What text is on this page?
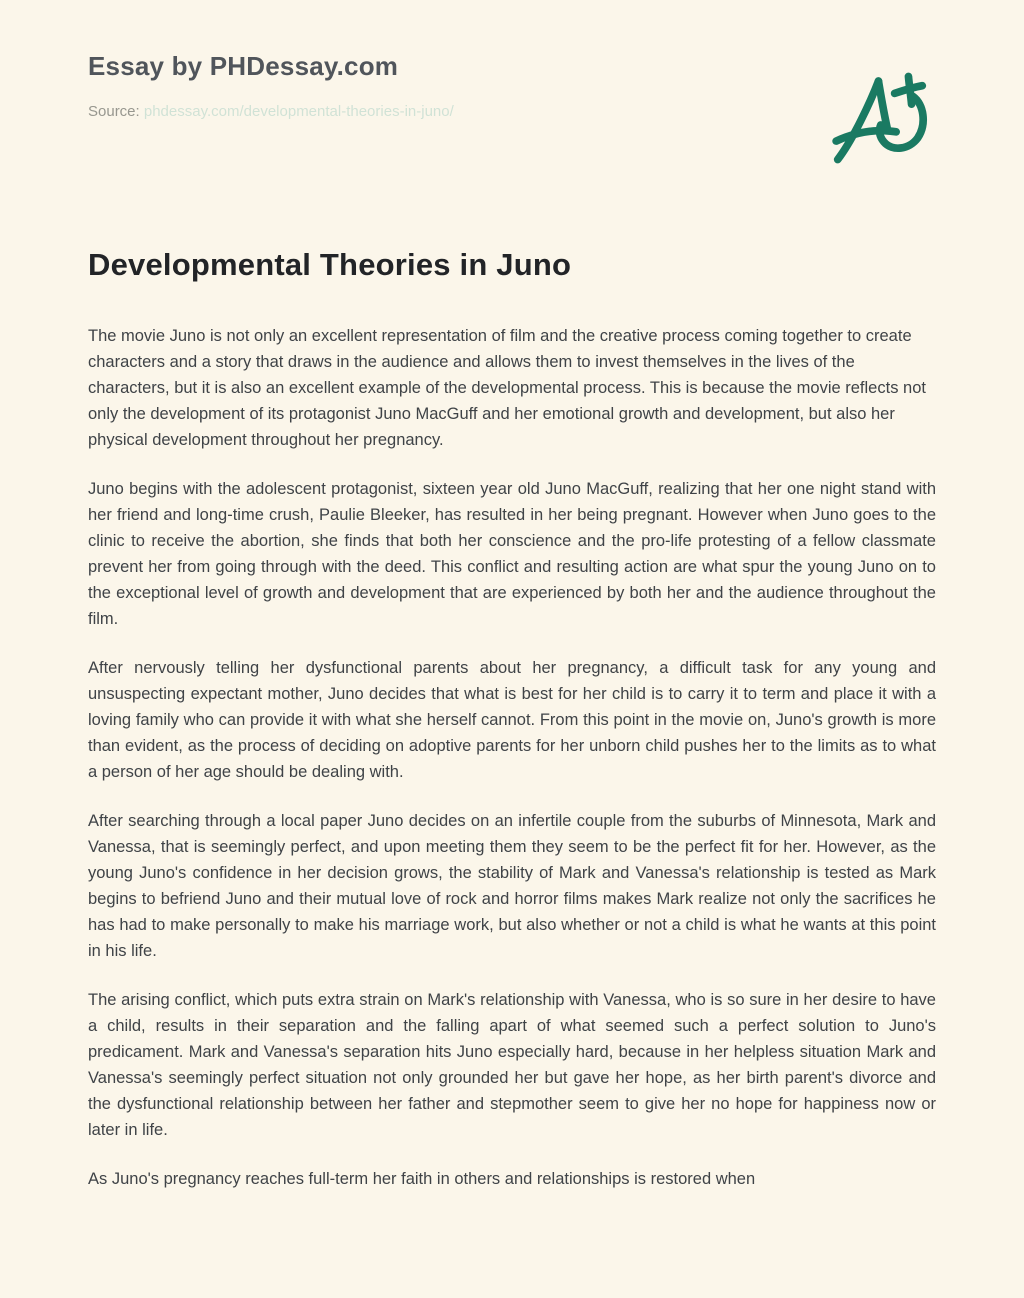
Essay by PHDessay.com
Source: phdessay.com/developmental-theories-in-juno/
Developmental Theories in Juno

The movie Juno is not only an excellent representation of film and the creative process coming together to create characters and a story that draws in the audience and allows them to invest themselves in the lives of the characters, but it is also an excellent example of the developmental process. This is because the movie reflects not only the development of its protagonist Juno MacGuff and her emotional growth and development, but also her physical development throughout her pregnancy.

Juno begins with the adolescent protagonist, sixteen year old Juno MacGuff, realizing that her one night stand with her friend and long-time crush, Paulie Bleeker, has resulted in her being pregnant. However when Juno goes to the clinic to receive the abortion, she finds that both her conscience and the pro-life protesting of a fellow classmate prevent her from going through with the deed. This conflict and resulting action are what spur the young Juno on to the exceptional level of growth and development that are experienced by both her and the audience throughout the film.

After nervously telling her dysfunctional parents about her pregnancy, a difficult task for any young and unsuspecting expectant mother, Juno decides that what is best for her child is to carry it to term and place it with a loving family who can provide it with what she herself cannot. From this point in the movie on, Juno's growth is more than evident, as the process of deciding on adoptive parents for her unborn child pushes her to the limits as to what a person of her age should be dealing with.

After searching through a local paper Juno decides on an infertile couple from the suburbs of Minnesota, Mark and Vanessa, that is seemingly perfect, and upon meeting them they seem to be the perfect fit for her. However, as the young Juno's confidence in her decision grows, the stability of Mark and Vanessa's relationship is tested as Mark begins to befriend Juno and their mutual love of rock and horror films makes Mark realize not only the sacrifices he has had to make personally to make his marriage work, but also whether or not a child is what he wants at this point in his life.

The arising conflict, which puts extra strain on Mark's relationship with Vanessa, who is so sure in her desire to have a child, results in their separation and the falling apart of what seemed such a perfect solution to Juno's predicament. Mark and Vanessa's separation hits Juno especially hard, because in her helpless situation Mark and Vanessa's seemingly perfect situation not only grounded her but gave her hope, as her birth parent's divorce and the dysfunctional relationship between her father and stepmother seem to give her no hope for happiness now or later in life.

As Juno's pregnancy reaches full-term her faith in others and relationships is restored when
